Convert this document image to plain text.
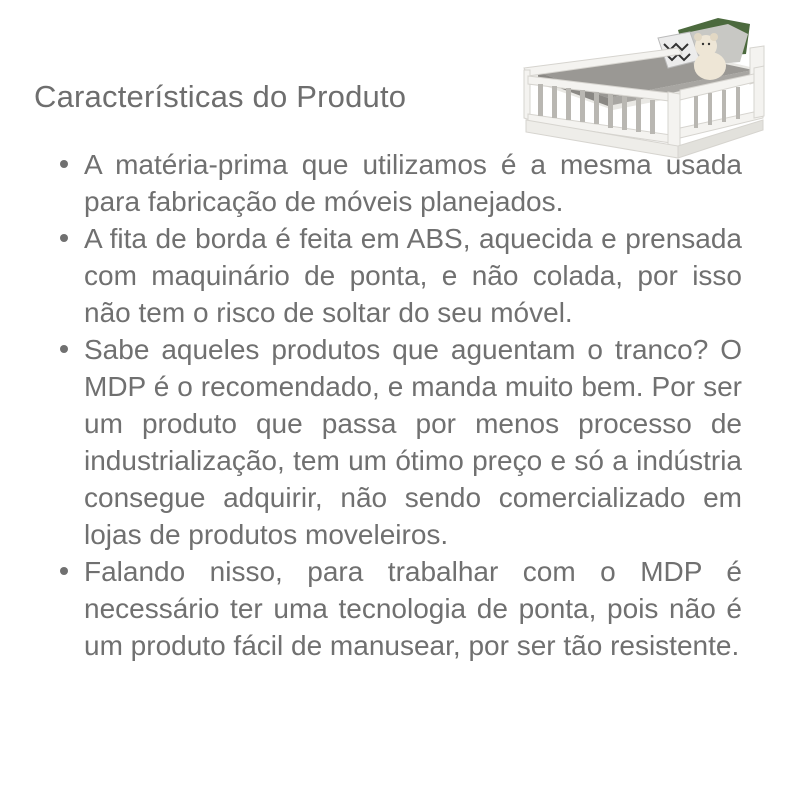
Características do Produto
A matéria-prima que utilizamos é a mesma usada para fabricação de móveis planejados.
A fita de borda é feita em ABS, aquecida e prensada com maquinário de ponta, e não colada, por isso não tem o risco de soltar do seu móvel.
Sabe aqueles produtos que aguentam o tranco? O MDP é o recomendado, e manda muito bem. Por ser um produto que passa por menos processo de industrialização, tem um ótimo preço e só a indústria consegue adquirir, não sendo comercializado em lojas de produtos moveleiros.
Falando nisso, para trabalhar com o MDP é necessário ter uma tecnologia de ponta, pois não é um produto fácil de manusear, por ser tão resistente.
